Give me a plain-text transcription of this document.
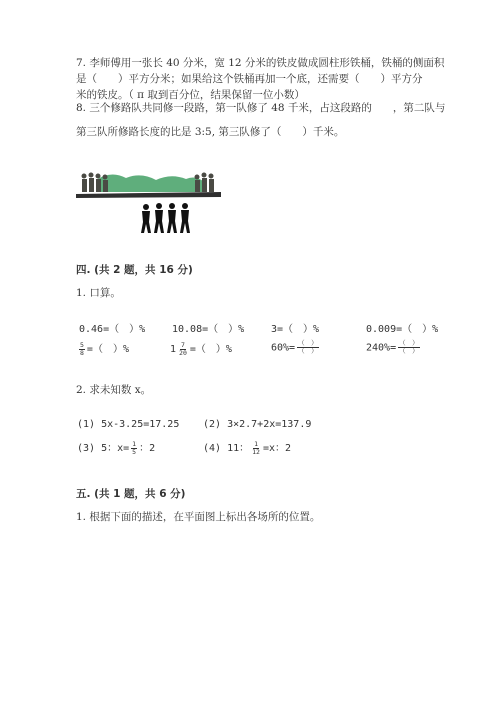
7. 李师傅用一张长 40 分米，宽 12 分米的铁皮做成圆柱形铁桶，铁桶的侧面积
是（　　）平方分米；如果给这个铁桶再加一个底，还需要（　　）平方分
米的铁皮。（ π 取到百分位，结果保留一位小数）
8. 三个修路队共同修一段路，第一队修了 48 千米，占这段路的　　，第二队与
第三队所修路长度的比是 3:5, 第三队修了（　　）千米。
四. (共 2 题，共 16 分)
1. 口算。
0.46=（　）%	10.08=（　）%	3=（　）%	0.009=（　）%
$\frac{5}{8}$ =（　）%	$1 \frac{7}{20}$ =（　）%	$60\%= \frac{( )}{( )}$	$240\%= \frac{( )}{( )}$
2. 求未知数 x。
(1) 5x-3.25=17.25 (2) 3×2.7+2x=137.9
(3) 5：$x= \frac{1}{5}$ ：2	(4) 11： $\frac{1}{12} =x$：2
五. (共 1 题，共 6 分)
1. 根据下面的描述，在平面图上标出各场所的位置。
